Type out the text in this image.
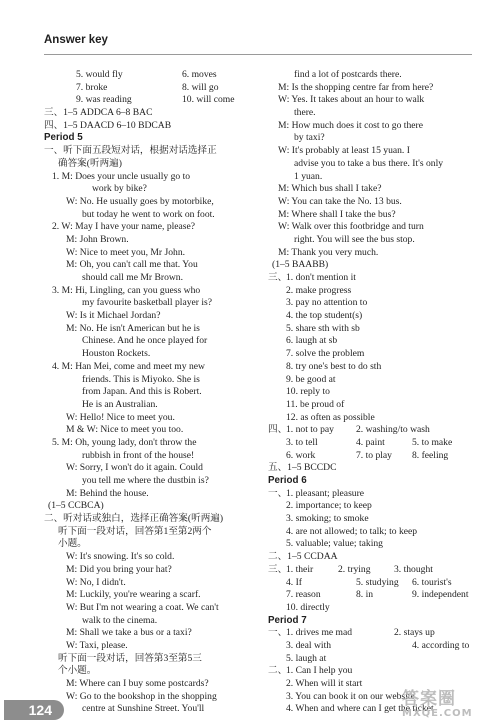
Answer key
5. would fly	6. moves
7. broke	8. will go
9. was reading	10. will come
三、1–5 ADDCA 6–8 BAC
四、1–5 DAACD 6–10 BDCAB
Period 5
一、听下面五段短对话，根据对话选择正
确答案(听两遍)
1. M: Does your uncle usually go to
work by bike?
W: No. He usually goes by motorbike,
but today he went to work on foot.
2. W: May I have your name, please?
M: John Brown.
W: Nice to meet you, Mr John.
M: Oh, you can't call me that. You
should call me Mr Brown.
3. M: Hi, Lingling, can you guess who
my favourite basketball player is?
W: Is it Michael Jordan?
M: No. He isn't American but he is
Chinese. And he once played for
Houston Rockets.
4. M: Han Mei, come and meet my new
friends. This is Miyoko. She is
from Japan. And this is Robert.
He is an Australian.
W: Hello! Nice to meet you.
M & W: Nice to meet you too.
5. M: Oh, young lady, don't throw the
rubbish in front of the house!
W: Sorry, I won't do it again. Could
you tell me where the dustbin is?
M: Behind the house.
(1–5 CCBCA)
二、听对话或独白，选择正确答案(听两遍)
听下面一段对话，回答第1至第2两个
小题。
W: It's snowing. It's so cold.
M: Did you bring your hat?
W: No, I didn't.
M: Luckily, you're wearing a scarf.
W: But I'm not wearing a coat. We can't
walk to the cinema.
M: Shall we take a bus or a taxi?
W: Taxi, please.
听下面一段对话，回答第3至第5三
个小题。
M: Where can I buy some postcards?
W: Go to the bookshop in the shopping
centre at Sunshine Street. You'll
find a lot of postcards there.
M: Is the shopping centre far from here?
W: Yes. It takes about an hour to walk
there.
M: How much does it cost to go there
by taxi?
W: It's probably at least 15 yuan. I
advise you to take a bus there. It's only
1 yuan.
M: Which bus shall I take?
W: You can take the No. 13 bus.
M: Where shall I take the bus?
W: Walk over this footbridge and turn
right. You will see the bus stop.
M: Thank you very much.
(1–5 BAABB)
三、
1. don't mention it
2. make progress
3. pay no attention to
4. the top student(s)
5. share sth with sb
6. laugh at sb
7. solve the problem
8. try one's best to do sth
9. be good at
10. reply to
11. be proud of
12. as often as possible
四、
1. not to pay 2. washing/to wash
3. to tell	4. paint	5. to make
6. work	7. to play 8. feeling
五、1–5 BCCDC
Period 6
一、
1. pleasant; pleasure
2. importance; to keep
3. smoking; to smoke
4. are not allowed; to talk; to keep
5. valuable; value; taking
二、1–5 CCDAA
三、
1. their	2. trying 3. thought
4. If	5. studying 6. tourist's
7. reason	8. in	9. independent
10. directly
Period 7
一、
1. drives me mad	2. stays up
3. deal with	4. according to
5. laugh at
二、
1. Can I help you
2. When will it start
3. You can book it on our website
4. When and where can I get the ticket
124
答案圈
MXQE.COM
